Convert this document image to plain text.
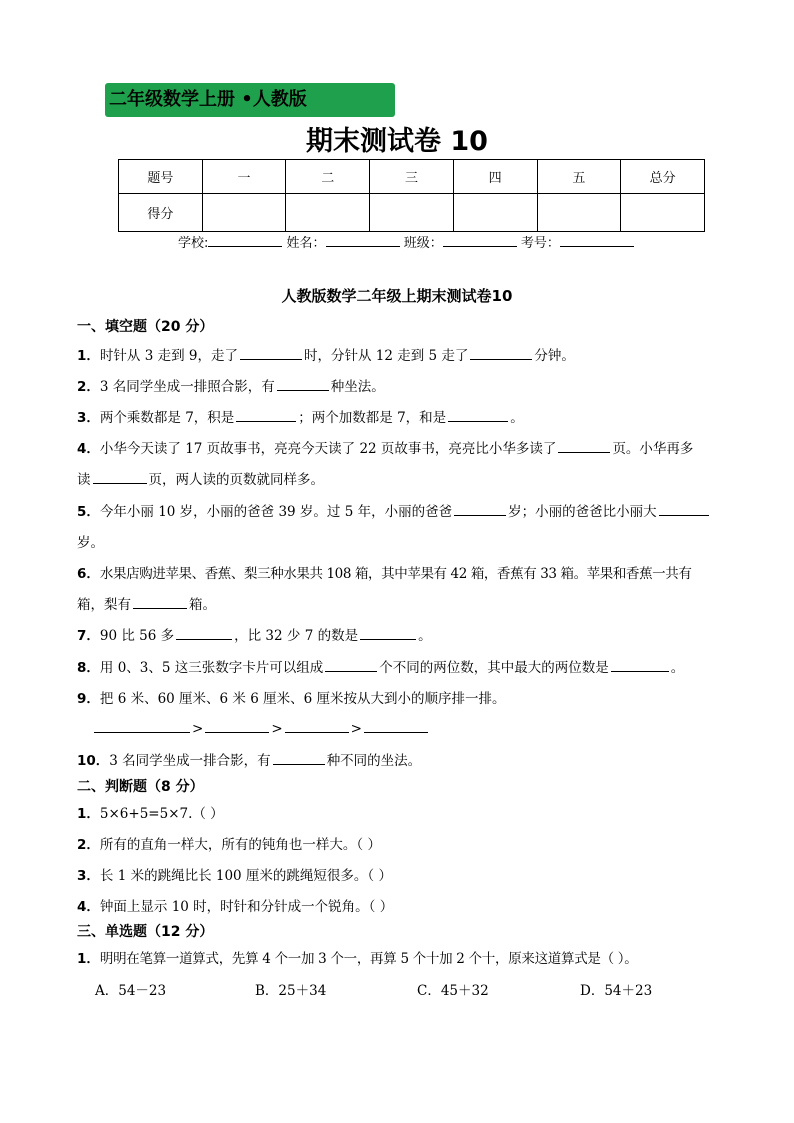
二年级数学上册 •人教版
期末测试卷 10
题号	一	二	三	四	五	总分
得分						
学校:	姓名：	班级：	考号：
人教版数学二年级上期末测试卷10
一、填空题（20 分）
1．时针从 3 走到 9，走了	时，分针从 12 走到 5 走了	分钟。
2．3 名同学坐成一排照合影，有	种坐法。
3．两个乘数都是 7，积是	；两个加数都是 7，和是	。
4．小华今天读了 17 页故事书，亮亮今天读了 22 页故事书，亮亮比小华多读了	页。小华再多
读	页，两人读的页数就同样多。
5．今年小丽 10 岁，小丽的爸爸 39 岁。过 5 年，小丽的爸爸	岁；小丽的爸爸比小丽大
岁。
6．水果店购进苹果、香蕉、梨三种水果共 108 箱，其中苹果有 42 箱，香蕉有 33 箱。苹果和香蕉一共有
箱，梨有	箱。
7．90 比 56 多	，比 32 少 7 的数是	。
8．用 0、3、5 这三张数字卡片可以组成	个不同的两位数，其中最大的两位数是	。
9．把 6 米、60 厘米、6 米 6 厘米、6 厘米按从大到小的顺序排一排。
>	>	>
10．3 名同学坐成一排合影，有	种不同的坐法。
二、判断题（8 分）
1．5×6+5=5×7.（ ）
2．所有的直角一样大，所有的钝角也一样大。（ ）
3．长 1 米的跳绳比长 100 厘米的跳绳短很多。（ ）
4．钟面上显示 10 时，时针和分针成一个锐角。（ ）
三、单选题（12 分）
1．明明在笔算一道算式，先算 4 个一加 3 个一，再算 5 个十加 2 个十，原来这道算式是（ ）。
A．54－23	B．25＋34	C．45＋32	D．54＋23
